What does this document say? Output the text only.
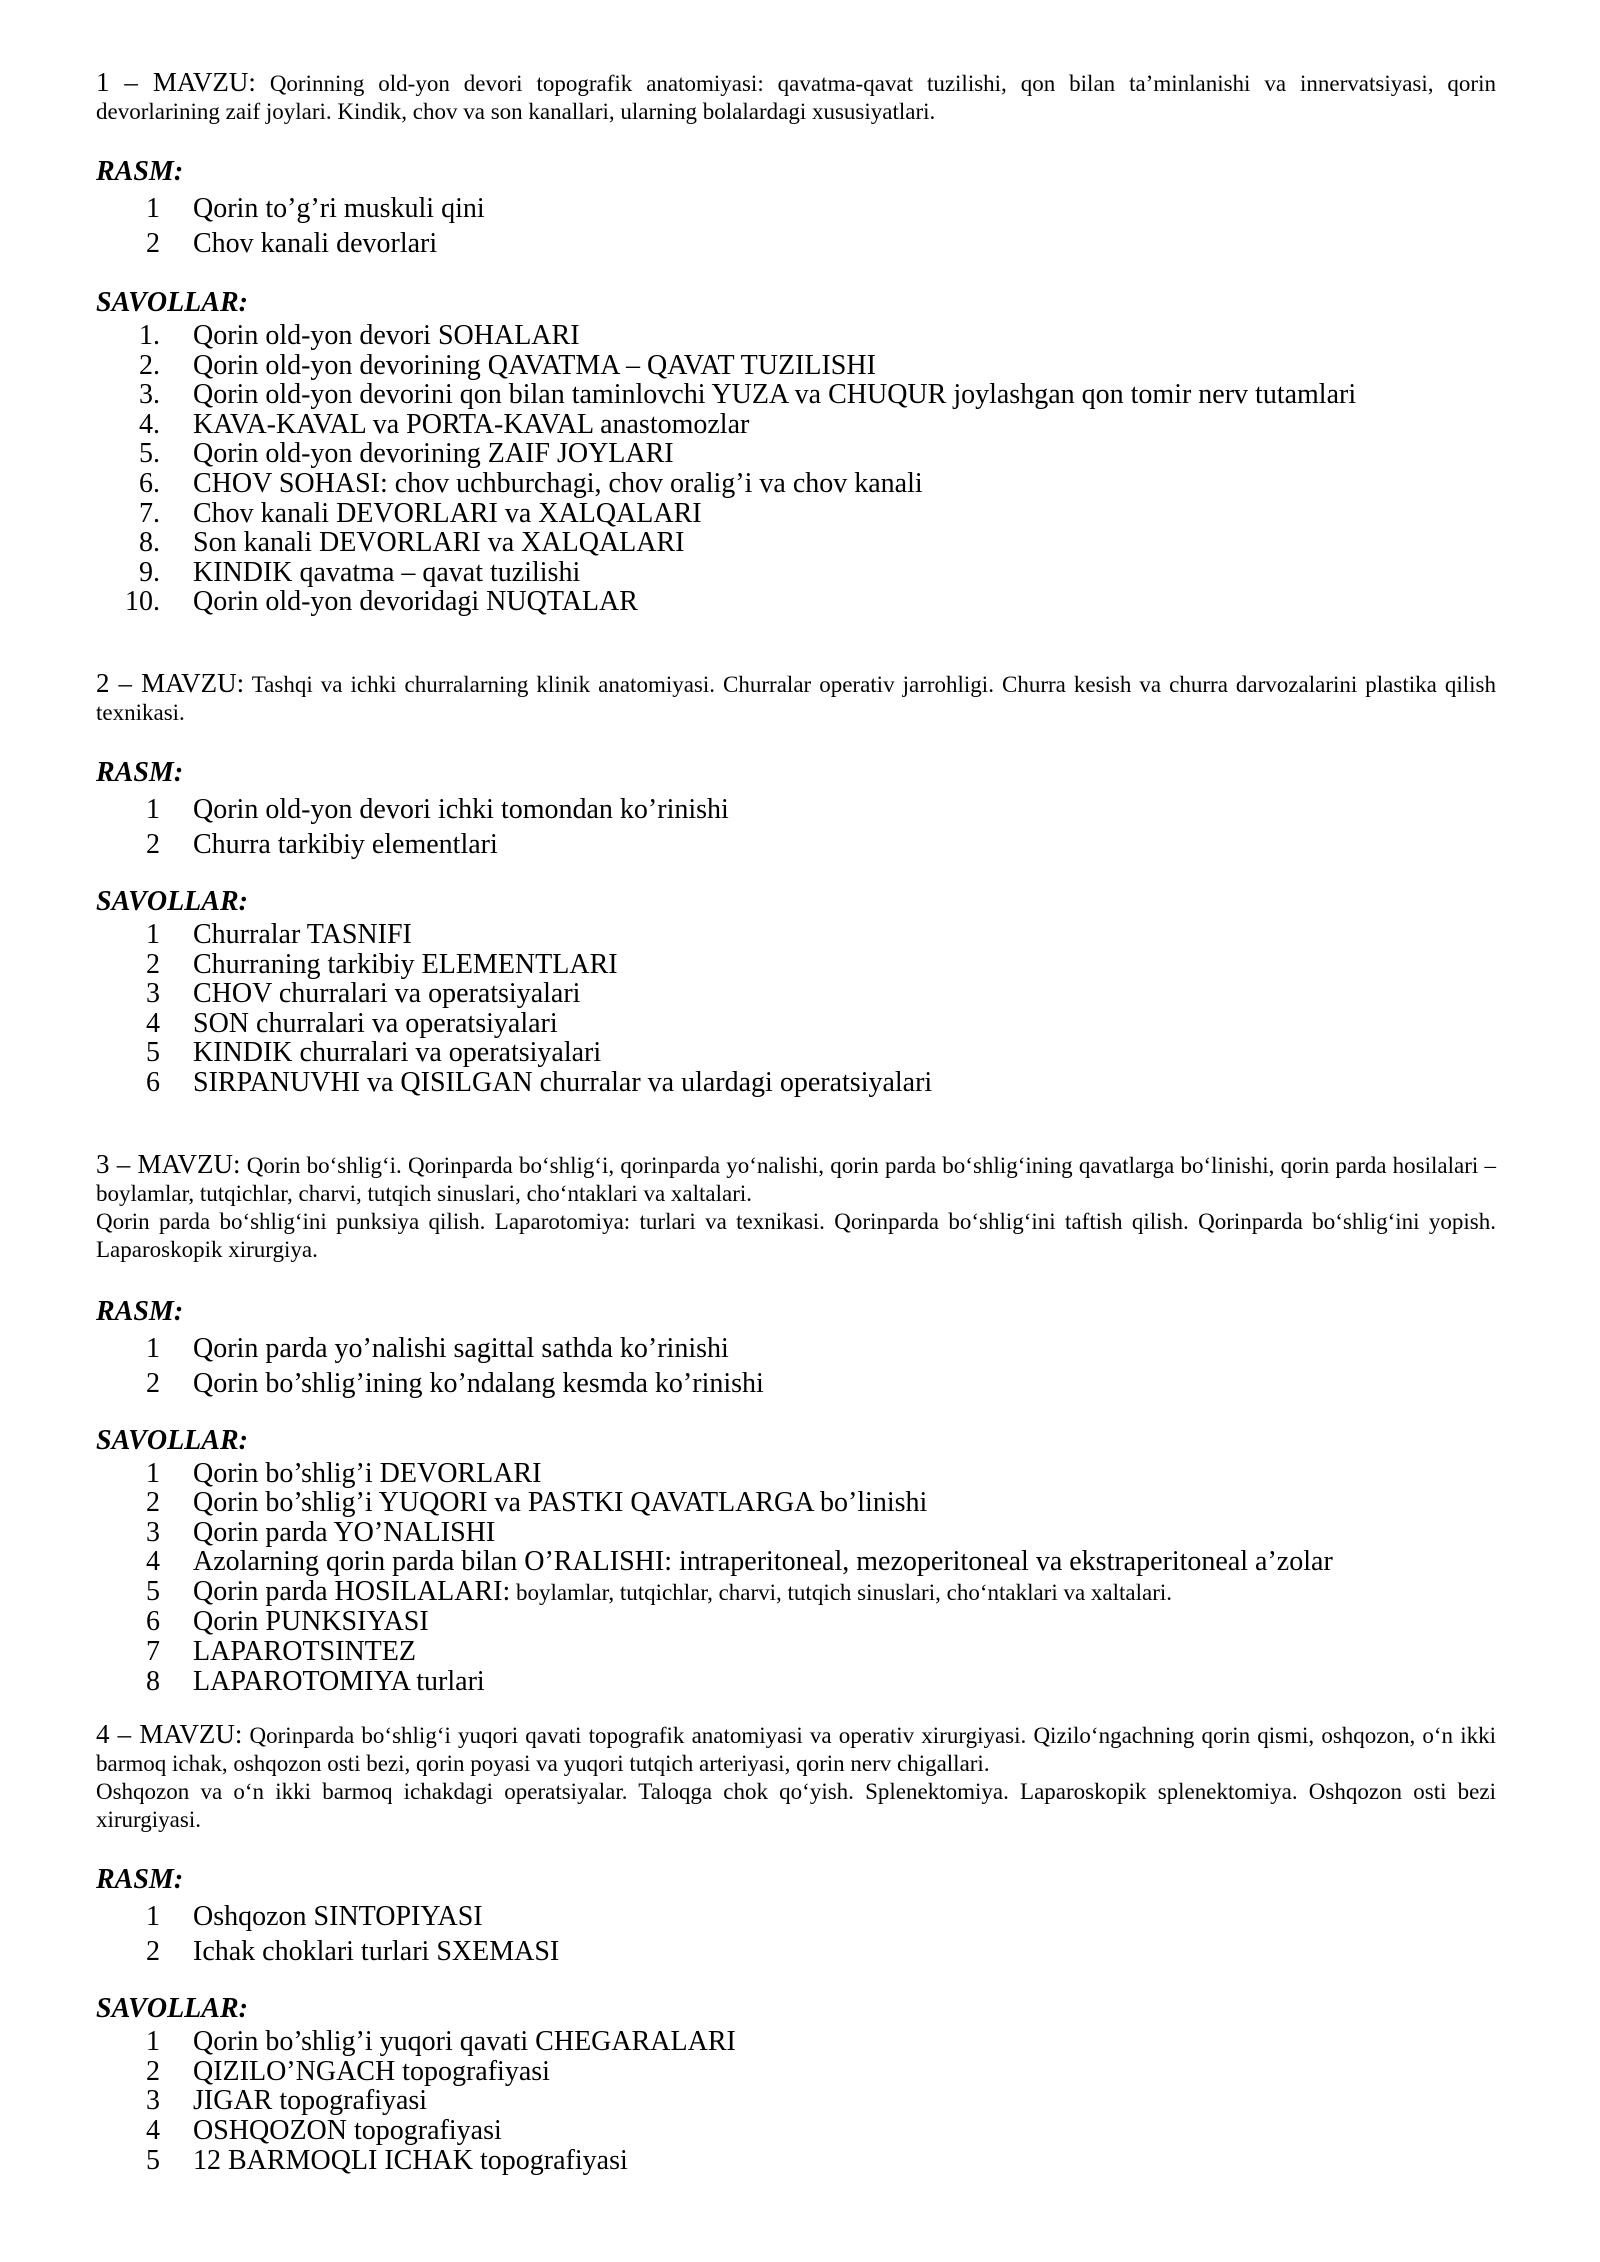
1 – MAVZU: Qorinning old-yon devori topografik anatomiyasi: qavatma-qavat tuzilishi, qon bilan ta’minlanishi va innervatsiyasi, qorin devorlarining zaif joylari. Kindik, chov va son kanallari, ularning bolalardagi xususiyatlari.

RASM:
1 Qorin to’g’ri muskuli qini
2 Chov kanali devorlari
SAVOLLAR:
1. Qorin old-yon devori SOHALARI
2. Qorin old-yon devorining QAVATMA – QAVAT TUZILISHI
3. Qorin old-yon devorini qon bilan taminlovchi YUZA va CHUQUR joylashgan qon tomir nerv tutamlari
4. KAVA-KAVAL va PORTA-KAVAL anastomozlar
5. Qorin old-yon devorining ZAIF JOYLARI
6. CHOV SOHASI: chov uchburchagi, chov oralig’i va chov kanali
7. Chov kanali DEVORLARI va XALQALARI
8. Son kanali DEVORLARI va XALQALARI
9. KINDIK qavatma – qavat tuzilishi
10. Qorin old-yon devoridagi NUQTALAR

2 – MAVZU: Tashqi va ichki churralarning klinik anatomiyasi. Churralar operativ jarrohligi. Churra kesish va churra darvozalarini plastika qilish texnikasi.

RASM:
1 Qorin old-yon devori ichki tomondan ko’rinishi
2 Churra tarkibiy elementlari
SAVOLLAR:
1 Churralar TASNIFI
2 Churraning tarkibiy ELEMENTLARI
3 CHOV churralari va operatsiyalari
4 SON churralari va operatsiyalari
5 KINDIK churralari va operatsiyalari
6 SIRPANUVHI va QISILGAN churralar va ulardagi operatsiyalari

3 – MAVZU: Qorin bo‘shlig‘i. Qorinparda bo‘shlig‘i, qorinparda yo‘nalishi, qorin parda bo‘shlig‘ining qavatlarga bo‘linishi, qorin parda hosilalari – boylamlar, tutqichlar, charvi, tutqich sinuslari, cho‘ntaklari va xaltalari.

Qorin parda bo‘shlig‘ini punksiya qilish. Laparotomiya: turlari va texnikasi. Qorinparda bo‘shlig‘ini taftish qilish. Qorinparda bo‘shlig‘ini yopish. Laparoskopik xirurgiya.

RASM:
1 Qorin parda yo’nalishi sagittal sathda ko’rinishi
2 Qorin bo’shlig’ining ko’ndalang kesmda ko’rinishi
SAVOLLAR:
1 Qorin bo’shlig’i DEVORLARI
2 Qorin bo’shlig’i YUQORI va PASTKI QAVATLARGA bo’linishi
3 Qorin parda YO’NALISHI
4 Azolarning qorin parda bilan O’RALISHI: intraperitoneal, mezoperitoneal va ekstraperitoneal a’zolar
5 Qorin parda HOSILALARI: boylamlar, tutqichlar, charvi, tutqich sinuslari, cho‘ntaklari va xaltalari.
6 Qorin PUNKSIYASI
7 LAPAROTSINTEZ
8 LAPAROTOMIYA turlari

4 – MAVZU: Qorinparda bo‘shlig‘i yuqori qavati topografik anatomiyasi va operativ xirurgiyasi. Qizilo‘ngachning qorin qismi, oshqozon, o‘n ikki barmoq ichak, oshqozon osti bezi, qorin poyasi va yuqori tutqich arteriyasi, qorin nerv chigallari.

Oshqozon va o‘n ikki barmoq ichakdagi operatsiyalar. Taloqga chok qo‘yish. Splenektomiya. Laparoskopik splenektomiya. Oshqozon osti bezi xirurgiyasi.

RASM:
1 Oshqozon SINTOPIYASI
2 Ichak choklari turlari SXEMASI
SAVOLLAR:
1 Qorin bo’shlig’i yuqori qavati CHEGARALARI
2 QIZILO’NGACH topografiyasi
3 JIGAR topografiyasi
4 OSHQOZON topografiyasi
5 12 BARMOQLI ICHAK topografiyasi
